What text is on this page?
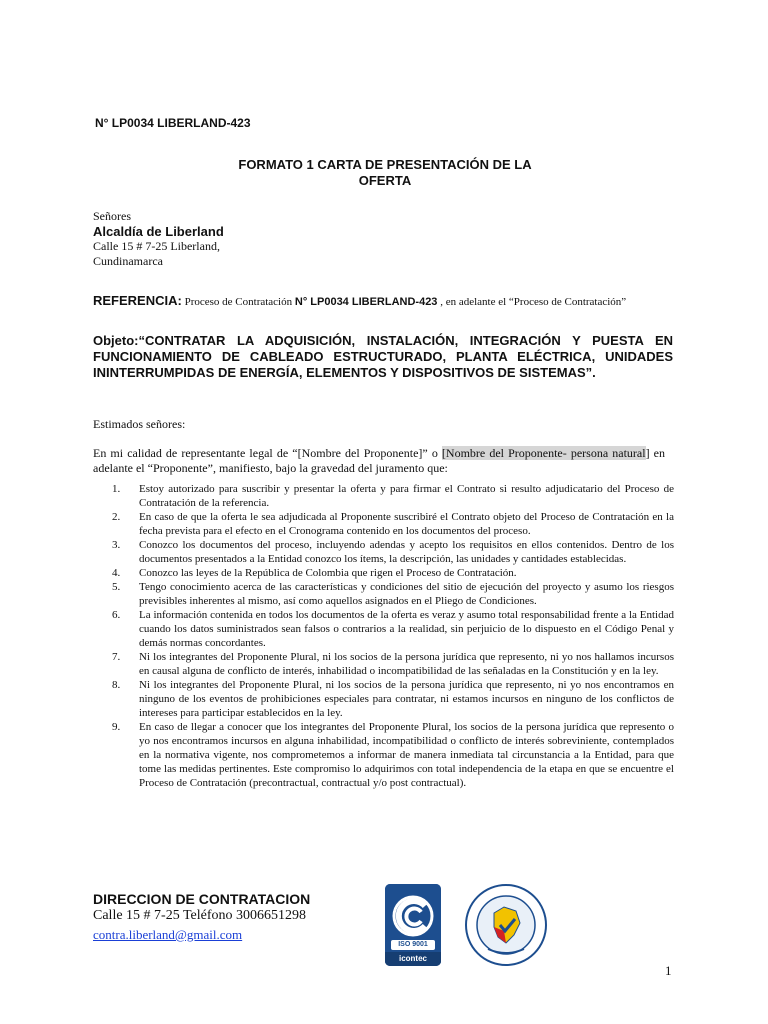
N° LP0034 LIBERLAND-423
FORMATO 1 CARTA DE PRESENTACIÓN DE LA
OFERTA
Señores
Alcaldía de Liberland
Calle 15 # 7-25 Liberland,
Cundinamarca
REFERENCIA: Proceso de Contratación N° LP0034 LIBERLAND-423 , en adelante el “Proceso de Contratación”
Objeto:“CONTRATAR LA ADQUISICIÓN, INSTALACIÓN, INTEGRACIÓN Y PUESTA EN FUNCIONAMIENTO DE CABLEADO ESTRUCTURADO, PLANTA ELÉCTRICA, UNIDADES ININTERRUMPIDAS DE ENERGÍA, ELEMENTOS Y DISPOSITIVOS DE SISTEMAS”.
Estimados señores:
En mi calidad de representante legal de “[Nombre del Proponente]” o [Nombre del Proponente- persona natural] en adelante el “Proponente”, manifiesto, bajo la gravedad del juramento que:
1. Estoy autorizado para suscribir y presentar la oferta y para firmar el Contrato si resulto adjudicatario del Proceso de Contratación de la referencia.
2. En caso de que la oferta le sea adjudicada al Proponente suscribiré el Contrato objeto del Proceso de Contratación en la fecha prevista para el efecto en el Cronograma contenido en los documentos del proceso.
3. Conozco los documentos del proceso, incluyendo adendas y acepto los requisitos en ellos contenidos. Dentro de los documentos presentados a la Entidad conozco los ítems, la descripción, las unidades y cantidades establecidas.
4. Conozco las leyes de la República de Colombia que rigen el Proceso de Contratación.
5. Tengo conocimiento acerca de las características y condiciones del sitio de ejecución del proyecto y asumo los riesgos previsibles inherentes al mismo, así como aquellos asignados en el Pliego de Condiciones.
6. La información contenida en todos los documentos de la oferta es veraz y asumo total responsabilidad frente a la Entidad cuando los datos suministrados sean falsos o contrarios a la realidad, sin perjuicio de lo dispuesto en el Código Penal y demás normas concordantes.
7. Ni los integrantes del Proponente Plural, ni los socios de la persona jurídica que represento, ni yo nos hallamos incursos en causal alguna de conflicto de interés, inhabilidad o incompatibilidad de las señaladas en la Constitución y en la ley.
8. Ni los integrantes del Proponente Plural, ni los socios de la persona jurídica que represento, ni yo nos encontramos en ninguno de los eventos de prohibiciones especiales para contratar, ni estamos incursos en ninguno de los conflictos de intereses para participar establecidos en la ley.
9. En caso de llegar a conocer que los integrantes del Proponente Plural, los socios de la persona jurídica que represento o yo nos encontramos incursos en alguna inhabilidad, incompatibilidad o conflicto de interés sobreviniente, contemplados en la normativa vigente, nos comprometemos a informar de manera inmediata tal circunstancia a la Entidad, para que tome las medidas pertinentes. Este compromiso lo adquirimos con total independencia de la etapa en que se encuentre el Proceso de Contratación (precontractual, contractual y/o post contractual).
DIRECCION DE CONTRATACION
Calle 15 # 7-25 Teléfono 3006651298
contra.liberland@gmail.com
ISO 9001
icontec
1
